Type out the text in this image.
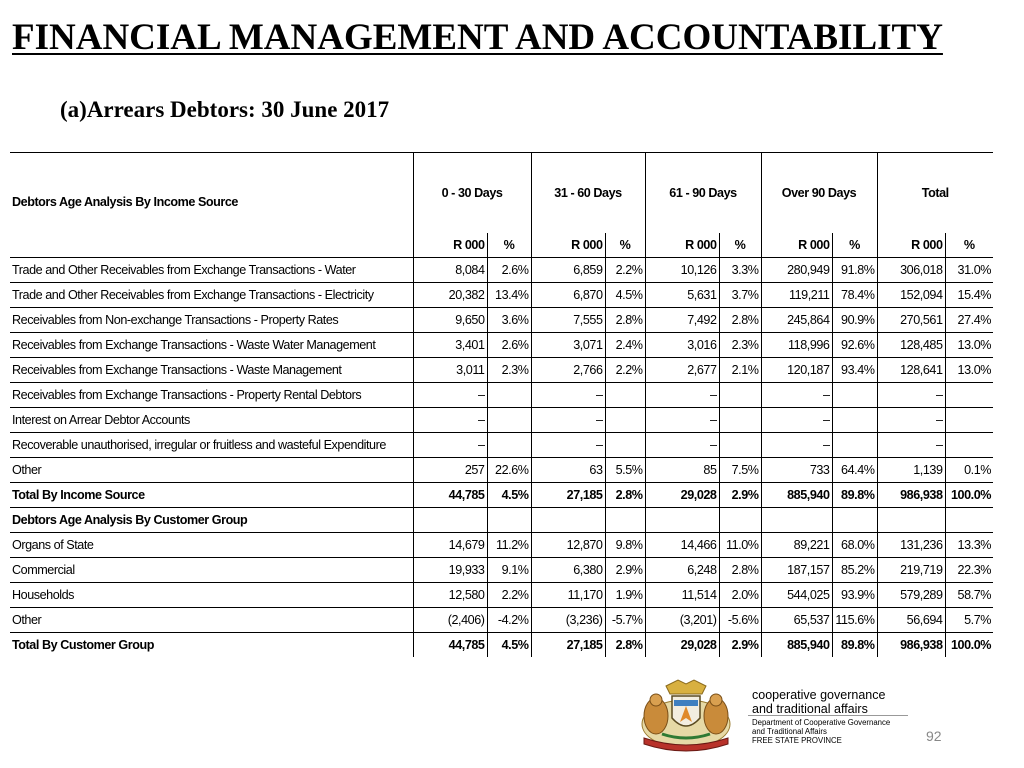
FINANCIAL MANAGEMENT AND ACCOUNTABILITY
(a)Arrears Debtors: 30 June 2017
Debtors Age Analysis By Income Source	0 - 30 Days		31 - 60 Days		61 - 90 Days		Over 90 Days		Total	
	R 000	%	R 000	%	R 000	%	R 000	%	R 000	%
Trade and Other Receivables from Exchange Transactions - Water	8,084	2.6%	6,859	2.2%	10,126	3.3%	280,949	91.8%	306,018	31.0%
Trade and Other Receivables from Exchange Transactions - Electricity	20,382	13.4%	6,870	4.5%	5,631	3.7%	119,211	78.4%	152,094	15.4%
Receivables from Non-exchange Transactions - Property Rates	9,650	3.6%	7,555	2.8%	7,492	2.8%	245,864	90.9%	270,561	27.4%
Receivables from Exchange Transactions - Waste Water Management	3,401	2.6%	3,071	2.4%	3,016	2.3%	118,996	92.6%	128,485	13.0%
Receivables from Exchange Transactions - Waste Management	3,011	2.3%	2,766	2.2%	2,677	2.1%	120,187	93.4%	128,641	13.0%
Receivables from Exchange Transactions - Property Rental Debtors	–		–		–		–		–	
Interest on Arrear Debtor Accounts	–		–		–		–		–	
Recoverable unauthorised, irregular or fruitless and wasteful Expenditure	–		–		–		–		–	
Other	257	22.6%	63	5.5%	85	7.5%	733	64.4%	1,139	0.1%
Total By Income Source	44,785	4.5%	27,185	2.8%	29,028	2.9%	885,940	89.8%	986,938	100.0%
Debtors Age Analysis By Customer Group										
Organs of State	14,679	11.2%	12,870	9.8%	14,466	11.0%	89,221	68.0%	131,236	13.3%
Commercial	19,933	9.1%	6,380	2.9%	6,248	2.8%	187,157	85.2%	219,719	22.3%
Households	12,580	2.2%	11,170	1.9%	11,514	2.0%	544,025	93.9%	579,289	58.7%
Other	(2,406)	-4.2%	(3,236)	-5.7%	(3,201)	-5.6%	65,537	115.6%	56,694	5.7%
Total By Customer Group	44,785	4.5%	27,185	2.8%	29,028	2.9%	885,940	89.8%	986,938	100.0%
cooperative governance
and traditional affairs
Department of Cooperative Governance
and Traditional Affairs
FREE STATE PROVINCE	92
